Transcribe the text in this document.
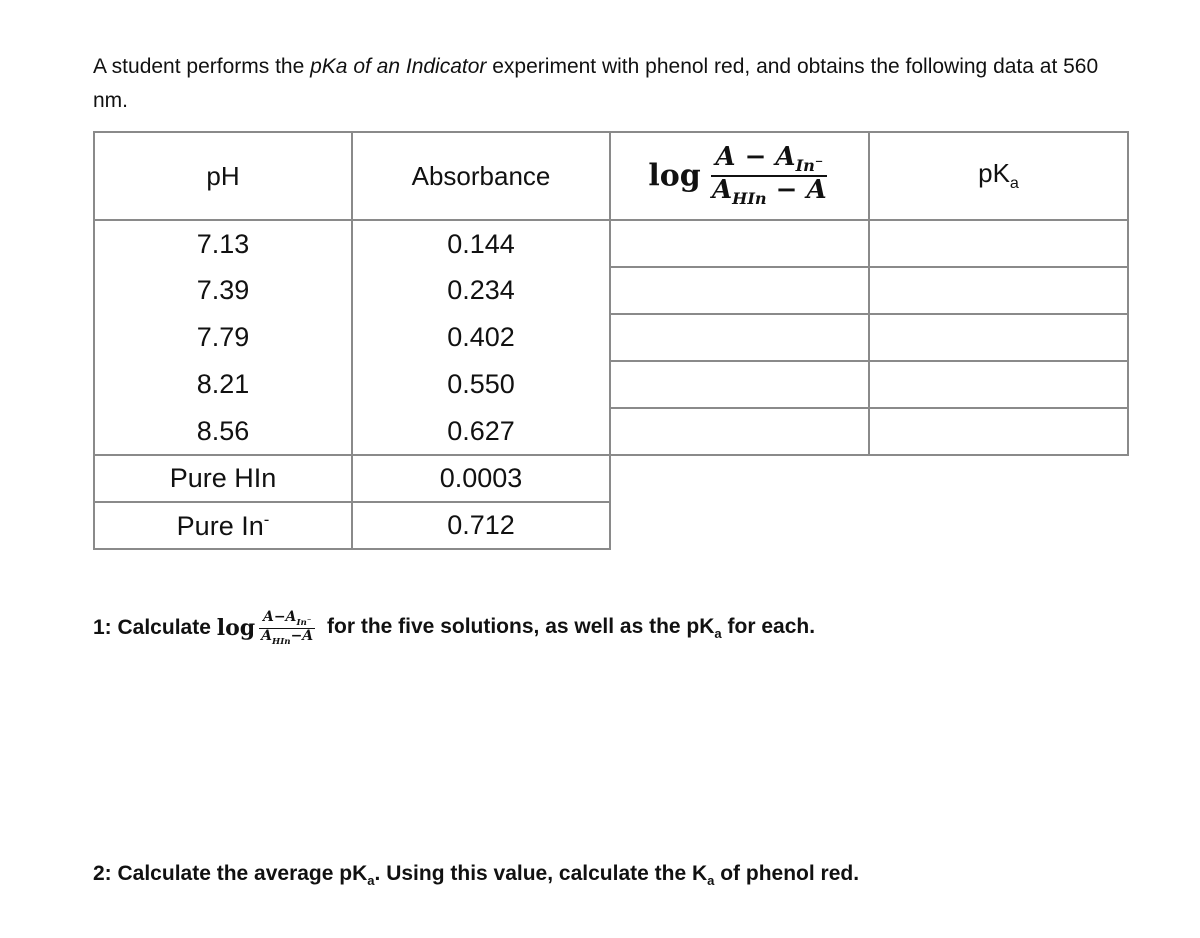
A student performs the pKa of an Indicator experiment with phenol red, and obtains the following data at 560 nm.
pH	Absorbance	$\log \frac{A - A_{In^-}}{A_{HIn} - A}$	$pK_a$
7.13	0.144		
7.39	0.234		
7.79	0.402		
8.21	0.550		
8.56	0.627		
Pure HIn	0.0003		
Pure In-	0.712		
1: Calculate $\log \frac{A-A_{In^-}}{A_{HIn}-A}$ for the five solutions, as well as the $pK_a$ for each.
2: Calculate the average $pK_a$. Using this value, calculate the $K_a$ of phenol red.
